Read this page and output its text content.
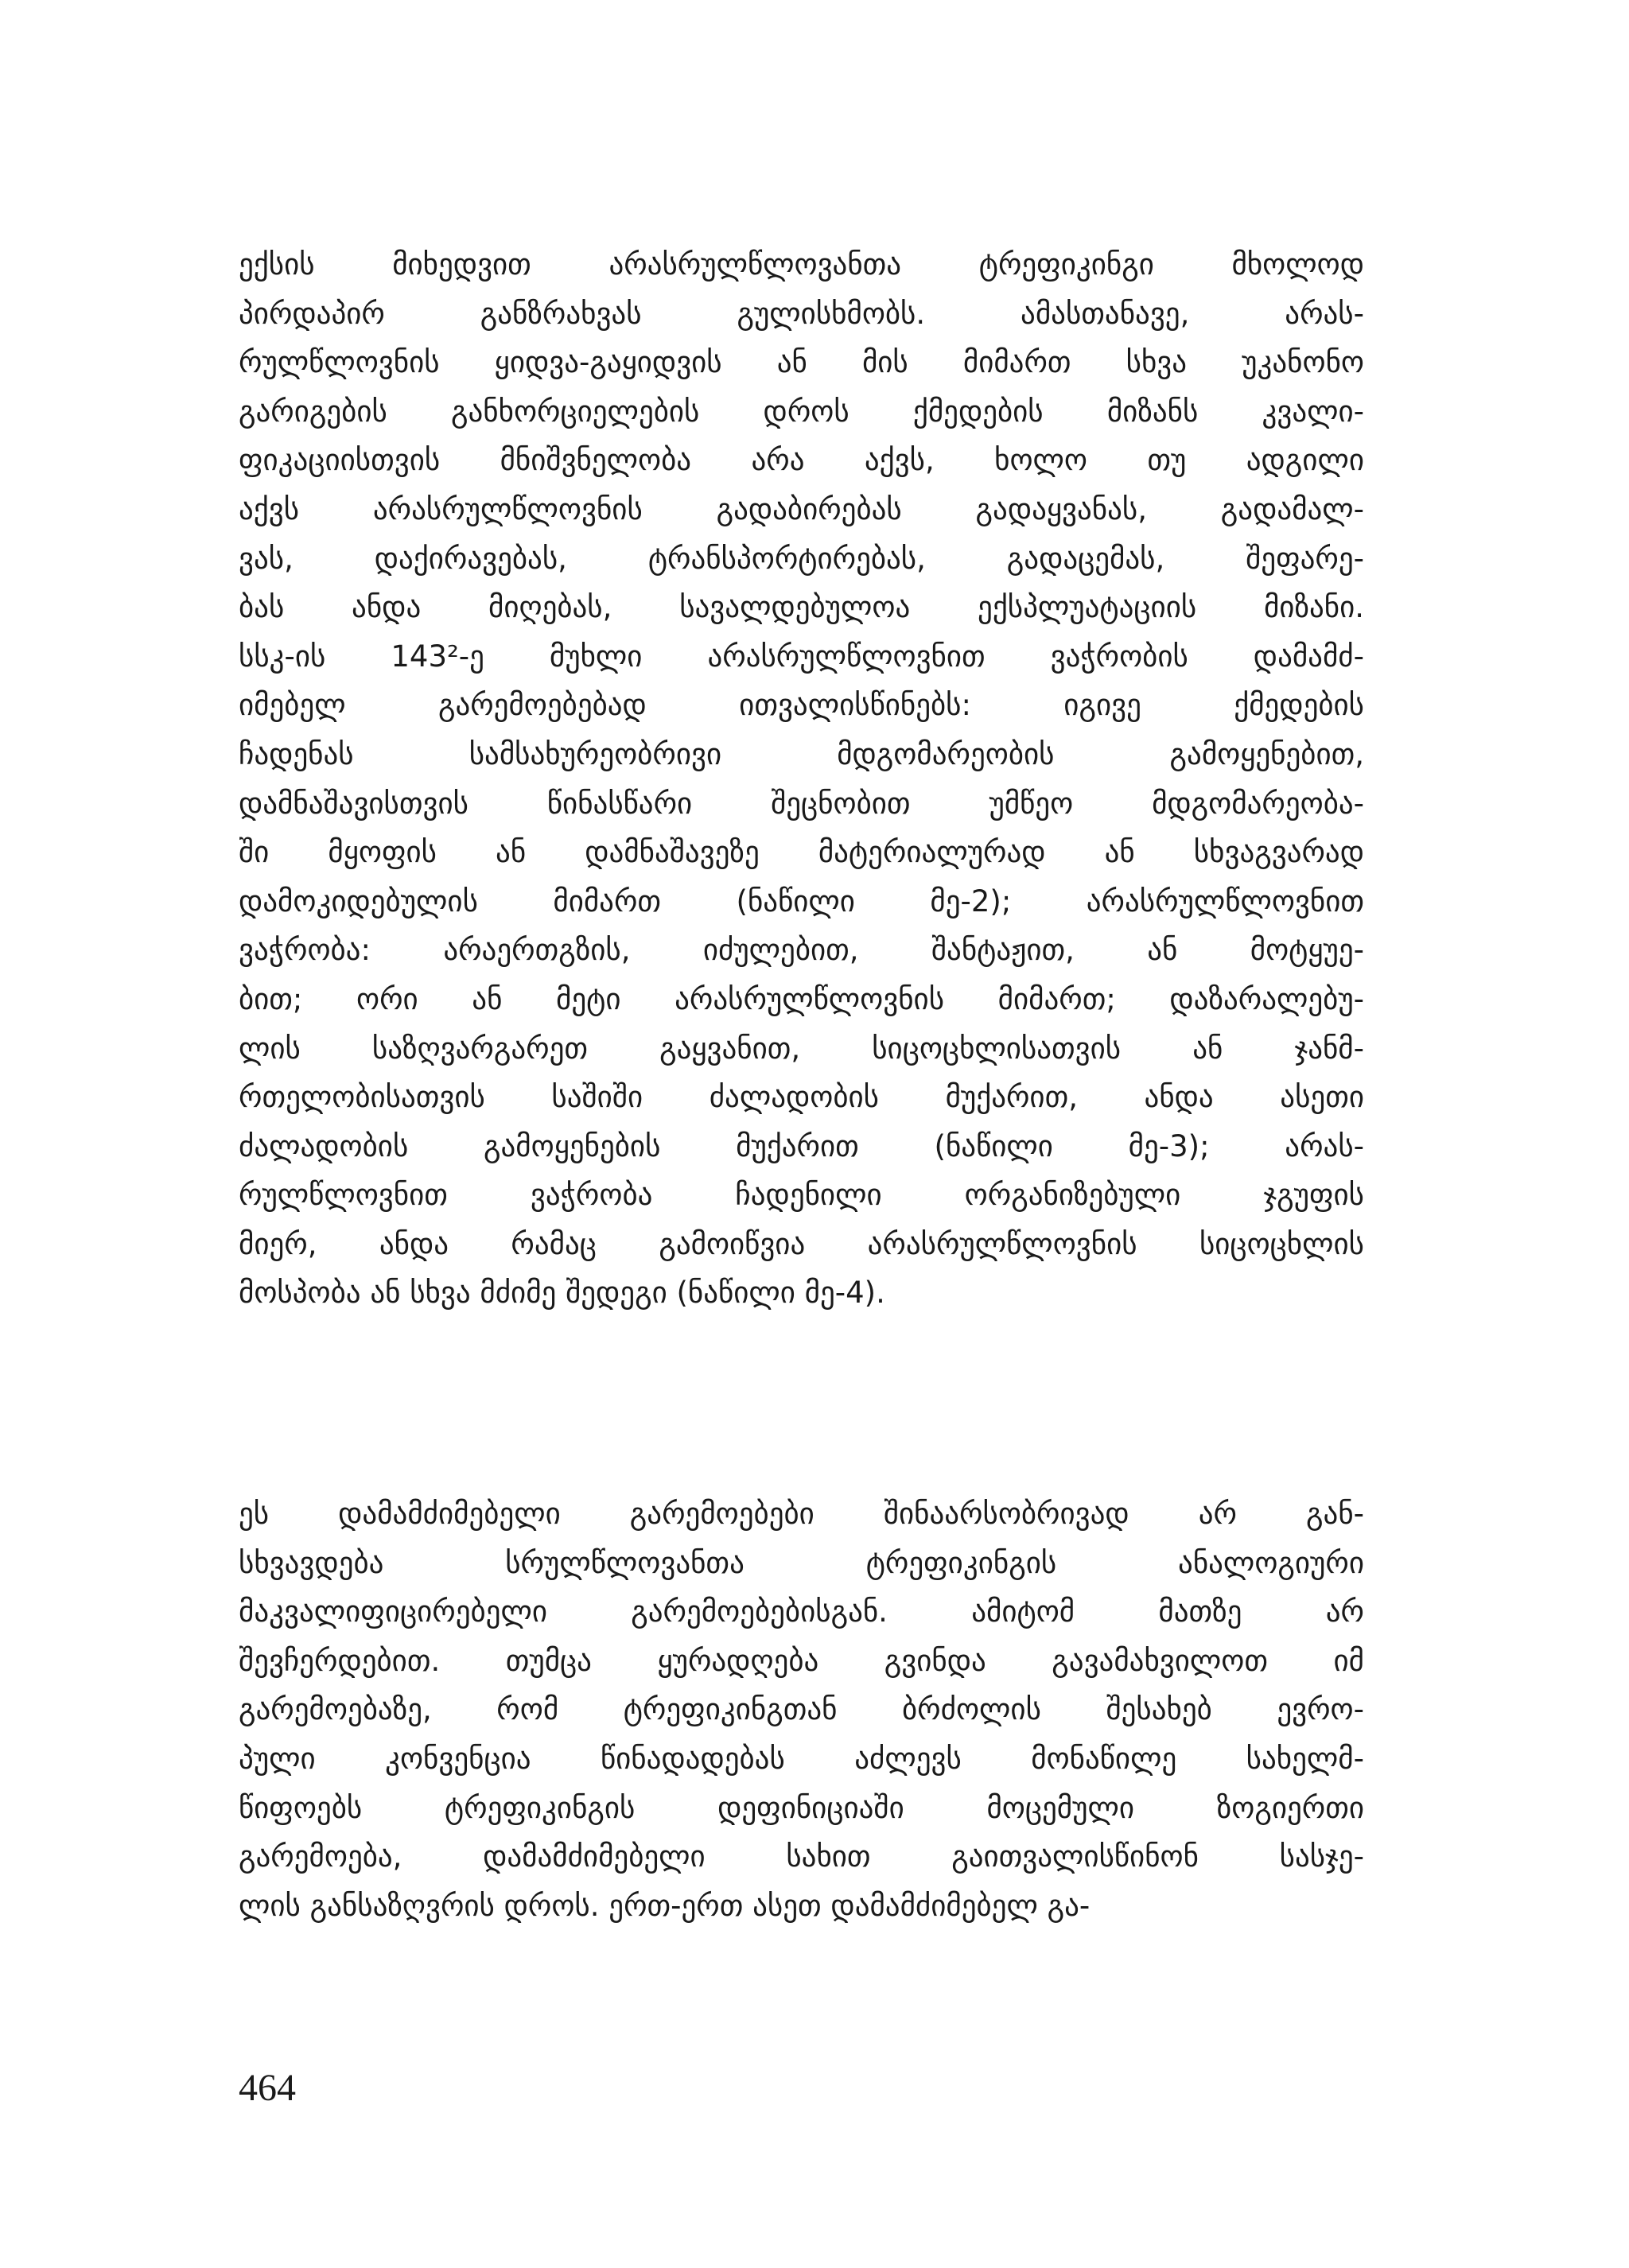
ექსის მიხედვით არასრულწლოვანთა ტრეფიკინგი მხოლოდ
პირდაპირ განზრახვას გულისხმობს. ამასთანავე, არას-
რულწლოვნის ყიდვა-გაყიდვის ან მის მიმართ სხვა უკანონო
გარიგების განხორციელების დროს ქმედების მიზანს კვალი-
ფიკაციისთვის მნიშვნელობა არა აქვს, ხოლო თუ ადგილი
აქვს არასრულწლოვნის გადაბირებას გადაყვანას, გადამალ-
ვას, დაქირავებას, ტრანსპორტირებას, გადაცემას, შეფარე-
ბას ანდა მიღებას, სავალდებულოა ექსპლუატაციის მიზანი.
სსკ-ის 143²-ე მუხლი არასრულწლოვნით ვაჭრობის დამამძ-
იმებელ გარემოებებად ითვალისწინებს: იგივე ქმედების
ჩადენას სამსახურეობრივი მდგომარეობის გამოყენებით,
დამნაშავისთვის წინასწარი შეცნობით უმწეო მდგომარეობა-
ში მყოფის ან დამნაშავეზე მატერიალურად ან სხვაგვარად
დამოკიდებულის მიმართ (ნაწილი მე-2); არასრულწლოვნით
ვაჭრობა: არაერთგზის, იძულებით, შანტაჟით, ან მოტყუე-
ბით; ორი ან მეტი არასრულწლოვნის მიმართ; დაზარალებუ-
ლის საზღვარგარეთ გაყვანით, სიცოცხლისათვის ან ჯანმ-
რთელობისათვის საშიში ძალადობის მუქარით, ანდა ასეთი
ძალადობის გამოყენების მუქარით (ნაწილი მე-3); არას-
რულწლოვნით ვაჭრობა ჩადენილი ორგანიზებული ჯგუფის
მიერ, ანდა რამაც გამოიწვია არასრულწლოვნის სიცოცხლის
მოსპობა ან სხვა მძიმე შედეგი (ნაწილი მე-4).
ეს დამამძიმებელი გარემოებები შინაარსობრივად არ გან-
სხვავდება სრულწლოვანთა ტრეფიკინგის ანალოგიური
მაკვალიფიცირებელი გარემოებებისგან. ამიტომ მათზე არ
შევჩერდებით. თუმცა ყურადღება გვინდა გავამახვილოთ იმ
გარემოებაზე, რომ ტრეფიკინგთან ბრძოლის შესახებ ევრო-
პული კონვენცია წინადადებას აძლევს მონაწილე სახელმ-
წიფოებს ტრეფიკინგის დეფინიციაში მოცემული ზოგიერთი
გარემოება, დამამძიმებელი სახით გაითვალისწინონ სასჯე-
ლის განსაზღვრის დროს. ერთ-ერთ ასეთ დამამძიმებელ გა-
464
